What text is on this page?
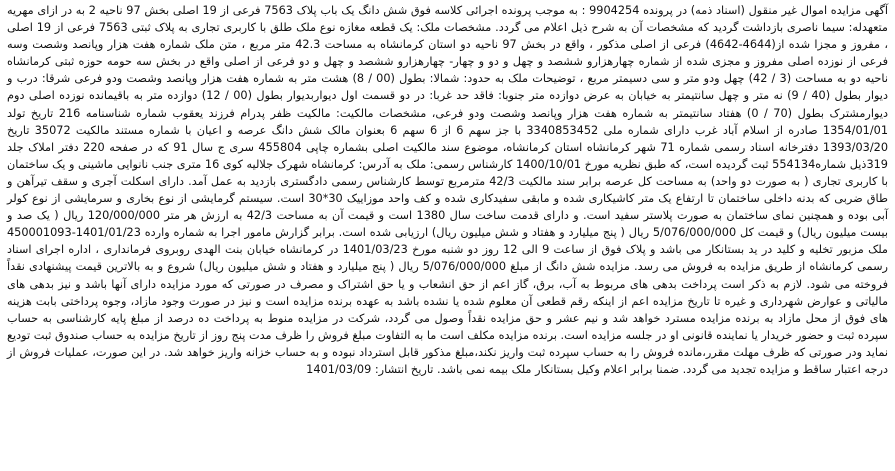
آگهی مزایده اموال غیر منقول (اسناد ذمه) در پرونده 9904254 : به موجب پرونده اجرائی کلاسه فوق شش دانگ یک باب پلاک 7563 فرعی از 19 اصلی بخش 97 ناحیه 2 به در ازای مهریه متعهدله: سیما ناصری بازداشت گردید که مشخصات آن به شرح ذیل اعلام می گردد. مشخصات ملک: یک قطعه مغازه نوع ملک طلق با کاربری تجاری به پلاک ثبتی 7563 فرعی از 19 اصلی ، مفروز و مجزا شده از(4644-4642) فرعی از اصلی مذکور ، واقع در بخش 97 ناحیه دو استان کرمانشاه به مساحت 42.3 متر مربع ، متن ملک شماره هفت هزار وپانصد وشصت وسه فرعی از نوزده اصلی مفروز و مجزی شده از شماره چهارهزارو ششصد و چهل و دو و چهار- چهارهزارو ششصد و چهل و دو فرعی از اصلی واقع در بخش سه حومه حوزه ثبتی کرمانشاه ناحیه دو به مساحت (3 / 42) چهل ودو متر و سی دسیمتر مربع ، توضیحات ملک به حدود: شمالا: بطول (00 / 8) هشت متر به شماره هفت هزار وپانصد وشصت ودو فرعی شرقا: درب و دیوار بطول (40 / 9) نه متر و چهل سانتیمتر به خیابان به عرض دوازده متر جنوبا: فاقد حد غربا: در دو قسمت اول دیواربدیوار بطول (00 / 12) دوازده متر به باقیمانده نوزده اصلی دوم دیوارمشترک بطول (70 / 0) هفتاد سانتیمتر به شماره هفت هزار وپانصد وشصت ودو فرعی، مشخصات مالکیت: مالکیت ظفر پدرام فرزند یعقوب شماره شناسنامه 216 تاریخ تولد 1354/01/01 صادره از اسلام آباد غرب دارای شماره ملی 3340853452 با جز سهم 6 از 6 سهم 6 بعنوان مالک شش دانگ عرصه و اعیان با شماره مستند مالکیت 35072 تاریخ 1393/03/20 دفترخانه اسناد رسمی شماره 71 شهر کرمانشاه استان کرمانشاه، موضوع سند مالکیت اصلی بشماره چاپی 455804 سری ج سال 91 که در صفحه 220 دفتر املاک جلد 319ذیل شماره554134 ثبت گردیده است، که طبق نظریه مورخ 1400/10/01 کارشناس رسمی: ملک به آدرس: کرمانشاه شهرک جلالیه کوی 16 متری جنب نانوایی ماشینی و یک ساختمان با کاربری تجاری ( به صورت دو واحد) به مساحت کل عرصه برابر سند مالکیت 42/3 مترمربع توسط کارشناس رسمی دادگستری بازدید به عمل آمد. دارای اسکلت آجری و سقف تیرآهن و طاق ضربی که بدنه داخلی ساختمان تا ارتفاع یک متر کاشیکاری شده و مابقی سفیدکاری شده و کف واحد موزاییک 30*30 است. سیستم گرمایشی از نوع بخاری و سرمایشی از نوع کولر آبی بوده و همچنین نمای ساختمان به صورت پلاستر سفید است. و دارای قدمت ساخت سال 1380 است و قیمت آن به مساحت 42/3 به ارزش هر متر 120/000/000 ریال ( یک صد و بیست میلیون ریال) و قیمت کل 5/076/000/000 ریال ( پنج میلیارد و هفتاد و شش میلیون ریال) ارزیابی شده است. برابر گزارش مامور اجرا به شماره وارده 1401/01/23-450001093 ملک مزبور تخلیه و کلید در ید بستانکار می باشد و پلاک فوق از ساعت 9 الی 12 روز دو شنبه مورخ 1401/03/23 در کرمانشاه خیابان بنت الهدی روبروی فرمانداری ، اداره اجرای اسناد رسمی کرمانشاه از طریق مزایده به فروش می رسد. مزایده شش دانگ از مبلغ 5/076/000/000 ریال ( پنج میلیارد و هفتاد و شش میلیون ریال) شروع و به بالاترین قیمت پیشنهادی نقداً فروخته می شود. لازم به ذکر است پرداخت بدهی های مربوط به آب، برق، گاز اعم از حق انشعاب و یا حق اشتراک و مصرف در صورتی که مورد مزایده دارای آنها باشد و نیز بدهی های مالیاتی و عوارض شهرداری و غیره تا تاریخ مزایده اعم از اینکه رقم قطعی آن معلوم شده یا نشده باشد به عهده برنده مزایده است و نیز در صورت وجود مازاد، وجوه پرداختی بابت هزینه های فوق از محل مازاد به برنده مزایده مسترد خواهد شد و نیم عشر و حق مزایده نقداً وصول می گردد، شرکت در مزایده منوط به پرداخت ده درصد از مبلغ پایه کارشناسی به حساب سپرده ثبت و حضور خریدار یا نماینده قانونی او در جلسه مزایده است. برنده مزایده مکلف است ما به التفاوت مبلغ فروش را ظرف مدت پنج روز از تاریخ مزایده به حساب صندوق ثبت تودیع نماید ودر صورتی که ظرف مهلت مقرر،مانده فروش را به حساب سپرده ثبت واریز نکند،مبلغ مذکور قابل استرداد نبوده و به حساب خزانه واریز خواهد شد. در این صورت، عملیات فروش از درجه اعتبار ساقط و مزایده تجدید می گردد. ضمنا برابر اعلام وکیل بستانکار ملک بیمه نمی باشد. تاریخ انتشار: 1401/03/09
